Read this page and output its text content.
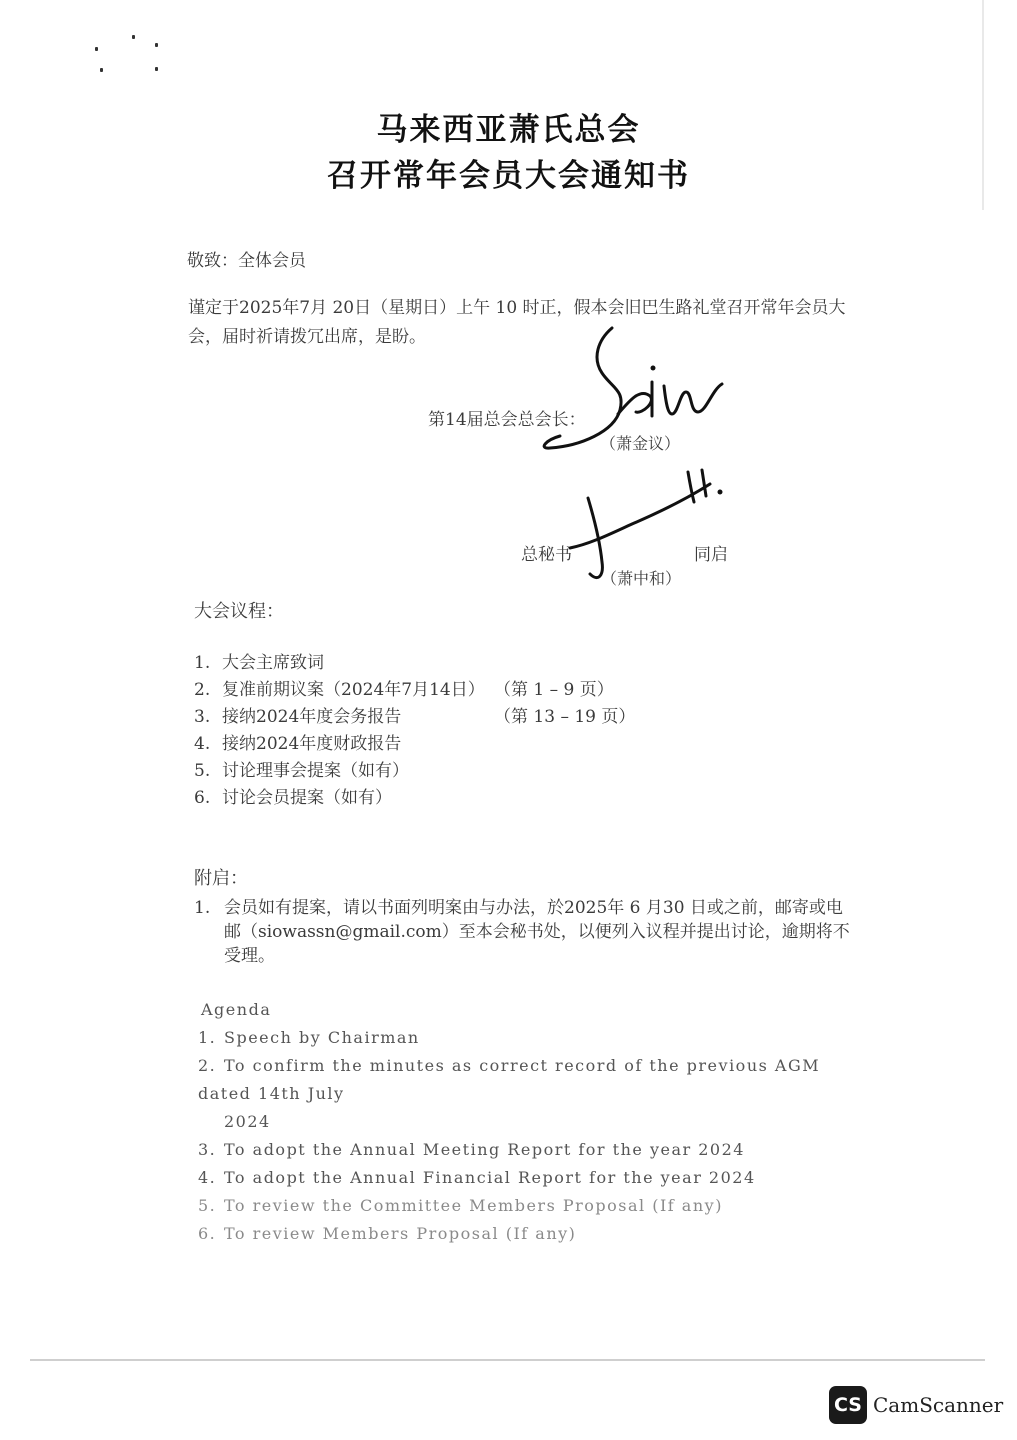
马来西亚萧氏总会
召开常年会员大会通知书
敬致：全体会员
谨定于2025年7月 20日（星期日）上午 10 时正，假本会旧巴生路礼堂召开常年会员大会，届时祈请拨冗出席，是盼。
第14届总会总会长：
（萧金议）
总秘书
（萧中和）
同启
大会议程：
1. 大会主席致词
2. 复准前期议案（2024年7月14日） （第 1 – 9 页）
3. 接纳2024年度会务报告	（第 13 – 19 页）
4. 接纳2024年度财政报告
5. 讨论理事会提案（如有）
6. 讨论会员提案（如有）
附启：
1. 会员如有提案，请以书面列明案由与办法，於2025年 6 月30 日或之前，邮寄或电邮（siowassn@gmail.com）至本会秘书处，以便列入议程并提出讨论，逾期将不受理。
Agenda
1. Speech by Chairman
2. To confirm the minutes as correct record of the previous AGM dated 14th July
2024
3. To adopt the Annual Meeting Report for the year 2024
4. To adopt the Annual Financial Report for the year 2024
5. To review the Committee Members Proposal (If any)
6. To review Members Proposal (If any)
CS CamScanner
